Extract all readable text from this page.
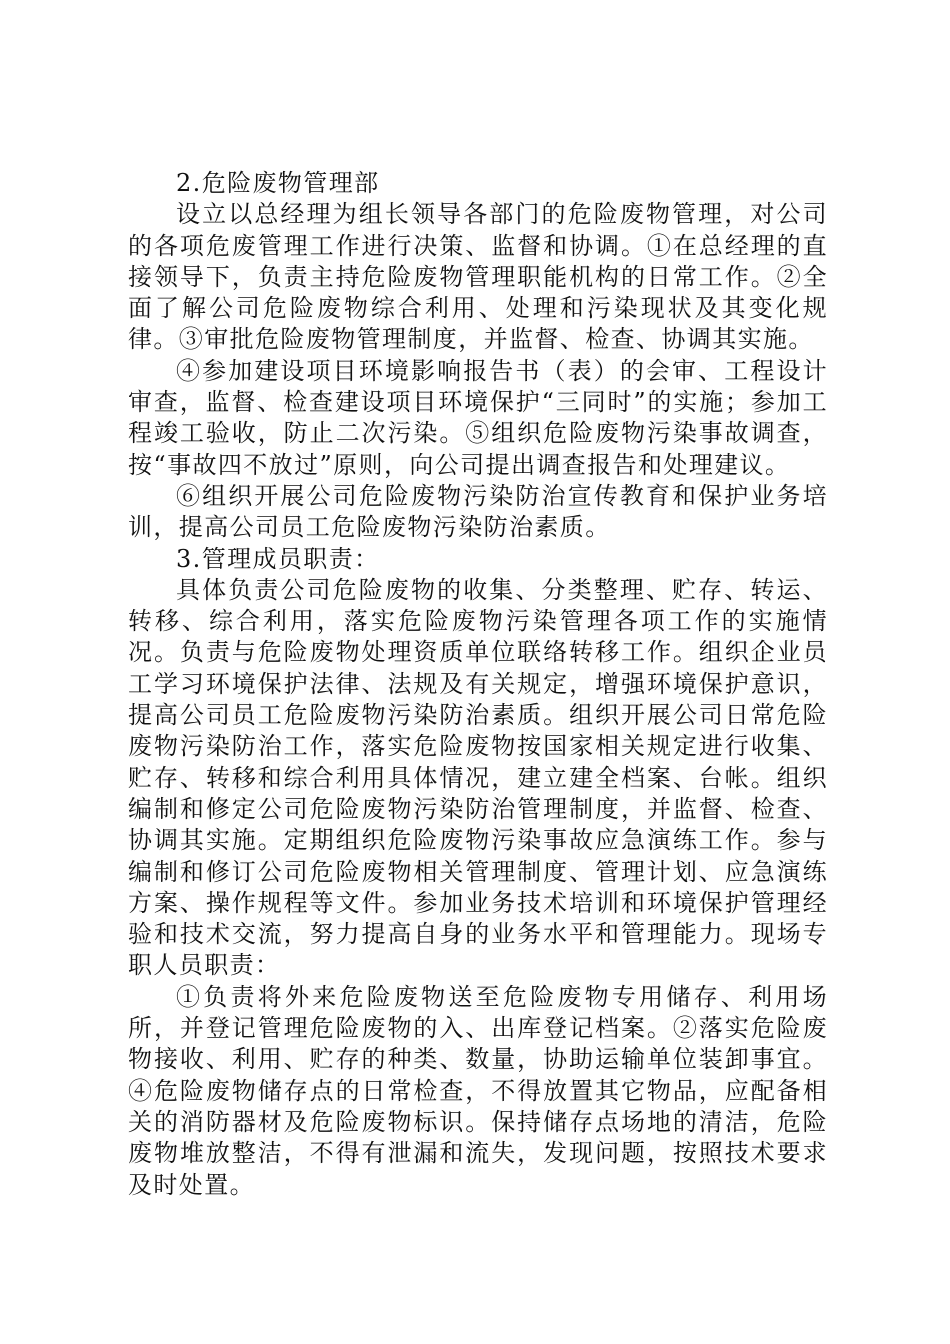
2.危险废物管理部

设立以总经理为组长领导各部门的危险废物管理，对公司的各项危废管理工作进行决策、监督和协调。①在总经理的直接领导下，负责主持危险废物管理职能机构的日常工作。②全面了解公司危险废物综合利用、处理和污染现状及其变化规律。③审批危险废物管理制度，并监督、检查、协调其实施。

④参加建设项目环境影响报告书（表）的会审、工程设计审查，监督、检查建设项目环境保护“三同时”的实施；参加工程竣工验收，防止二次污染。⑤组织危险废物污染事故调查，按“事故四不放过”原则，向公司提出调查报告和处理建议。

⑥组织开展公司危险废物污染防治宣传教育和保护业务培训，提高公司员工危险废物污染防治素质。

3.管理成员职责：

具体负责公司危险废物的收集、分类整理、贮存、转运、转移、综合利用，落实危险废物污染管理各项工作的实施情况。负责与危险废物处理资质单位联络转移工作。组织企业员工学习环境保护法律、法规及有关规定，增强环境保护意识，提高公司员工危险废物污染防治素质。组织开展公司日常危险废物污染防治工作，落实危险废物按国家相关规定进行收集、贮存、转移和综合利用具体情况，建立建全档案、台帐。组织编制和修定公司危险废物污染防治管理制度，并监督、检查、协调其实施。定期组织危险废物污染事故应急演练工作。参与编制和修订公司危险废物相关管理制度、管理计划、应急演练方案、操作规程等文件。参加业务技术培训和环境保护管理经验和技术交流，努力提高自身的业务水平和管理能力。现场专职人员职责：

①负责将外来危险废物送至危险废物专用储存、利用场所，并登记管理危险废物的入、出库登记档案。②落实危险废物接收、利用、贮存的种类、数量，协助运输单位装卸事宜。④危险废物储存点的日常检查，不得放置其它物品，应配备相关的消防器材及危险废物标识。保持储存点场地的清洁，危险废物堆放整洁，不得有泄漏和流失，发现问题，按照技术要求及时处置。
